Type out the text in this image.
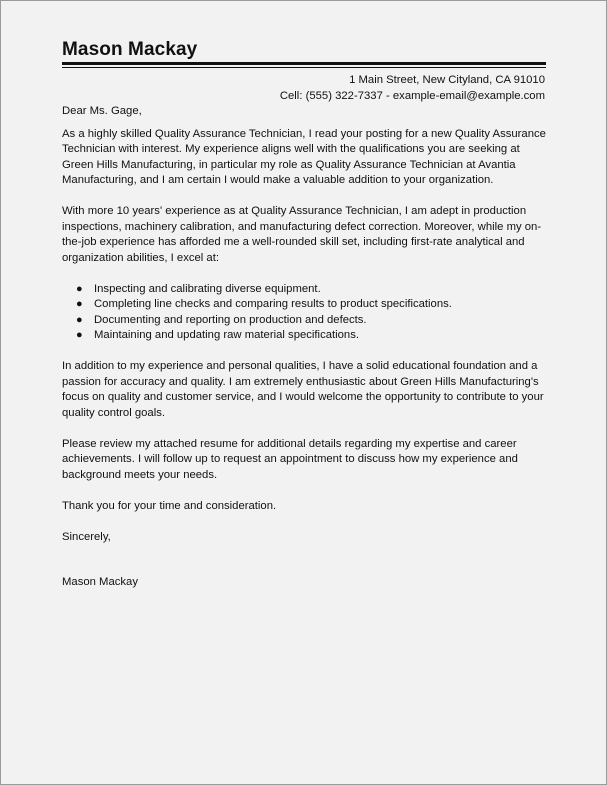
Mason Mackay
1 Main Street, New Cityland, CA 91010
Cell: (555) 322-7337 - example-email@example.com

Dear Ms. Gage,

As a highly skilled Quality Assurance Technician, I read your posting for a new Quality Assurance Technician with interest. My experience aligns well with the qualifications you are seeking at Green Hills Manufacturing, in particular my role as Quality Assurance Technician at Avantia Manufacturing, and I am certain I would make a valuable addition to your organization.

With more 10 years' experience as at Quality Assurance Technician, I am adept in production inspections, machinery calibration, and manufacturing defect correction. Moreover, while my on-the-job experience has afforded me a well-rounded skill set, including first-rate analytical and organization abilities, I excel at:

● Inspecting and calibrating diverse equipment.
● Completing line checks and comparing results to product specifications.
● Documenting and reporting on production and defects.
● Maintaining and updating raw material specifications.

In addition to my experience and personal qualities, I have a solid educational foundation and a passion for accuracy and quality. I am extremely enthusiastic about Green Hills Manufacturing's focus on quality and customer service, and I would welcome the opportunity to contribute to your quality control goals.

Please review my attached resume for additional details regarding my expertise and career achievements. I will follow up to request an appointment to discuss how my experience and background meets your needs.

Thank you for your time and consideration.

Sincerely,

Mason Mackay
